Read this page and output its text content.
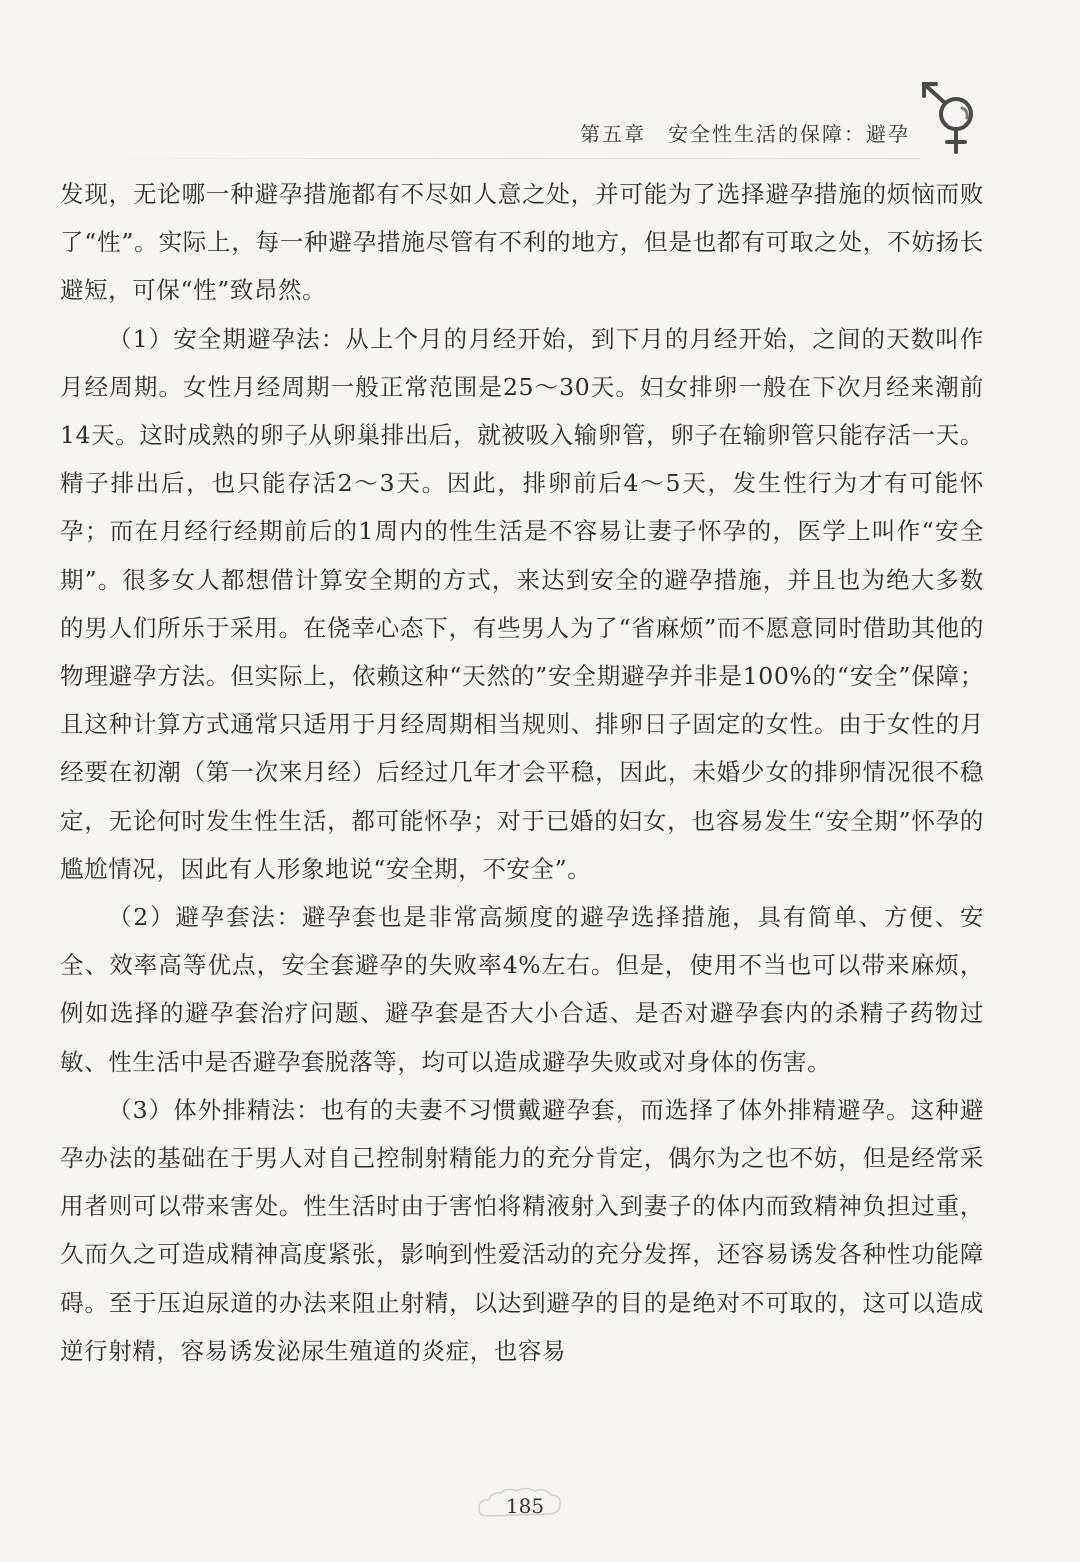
第五章　安全性生活的保障：避孕

发现，无论哪一种避孕措施都有不尽如人意之处，并可能为了选择避孕措施的烦恼而败了“性”。实际上，每一种避孕措施尽管有不利的地方，但是也都有可取之处，不妨扬长避短，可保“性”致昂然。

（1）安全期避孕法：从上个月的月经开始，到下月的月经开始，之间的天数叫作月经周期。女性月经周期一般正常范围是25～30天。妇女排卵一般在下次月经来潮前14天。这时成熟的卵子从卵巢排出后，就被吸入输卵管，卵子在输卵管只能存活一天。精子排出后，也只能存活2～3天。因此，排卵前后4～5天，发生性行为才有可能怀孕；而在月经行经期前后的1周内的性生活是不容易让妻子怀孕的，医学上叫作“安全期”。很多女人都想借计算安全期的方式，来达到安全的避孕措施，并且也为绝大多数的男人们所乐于采用。在侥幸心态下，有些男人为了“省麻烦”而不愿意同时借助其他的物理避孕方法。但实际上，依赖这种“天然的”安全期避孕并非是100%的“安全”保障；且这种计算方式通常只适用于月经周期相当规则、排卵日子固定的女性。由于女性的月经要在初潮（第一次来月经）后经过几年才会平稳，因此，未婚少女的排卵情况很不稳定，无论何时发生性生活，都可能怀孕；对于已婚的妇女，也容易发生“安全期”怀孕的尴尬情况，因此有人形象地说“安全期，不安全”。

（2）避孕套法：避孕套也是非常高频度的避孕选择措施，具有简单、方便、安全、效率高等优点，安全套避孕的失败率4%左右。但是，使用不当也可以带来麻烦，例如选择的避孕套治疗问题、避孕套是否大小合适、是否对避孕套内的杀精子药物过敏、性生活中是否避孕套脱落等，均可以造成避孕失败或对身体的伤害。

（3）体外排精法：也有的夫妻不习惯戴避孕套，而选择了体外排精避孕。这种避孕办法的基础在于男人对自己控制射精能力的充分肯定，偶尔为之也不妨，但是经常采用者则可以带来害处。性生活时由于害怕将精液射入到妻子的体内而致精神负担过重，久而久之可造成精神高度紧张，影响到性爱活动的充分发挥，还容易诱发各种性功能障碍。至于压迫尿道的办法来阻止射精，以达到避孕的目的是绝对不可取的，这可以造成逆行射精，容易诱发泌尿生殖道的炎症，也容易

185
